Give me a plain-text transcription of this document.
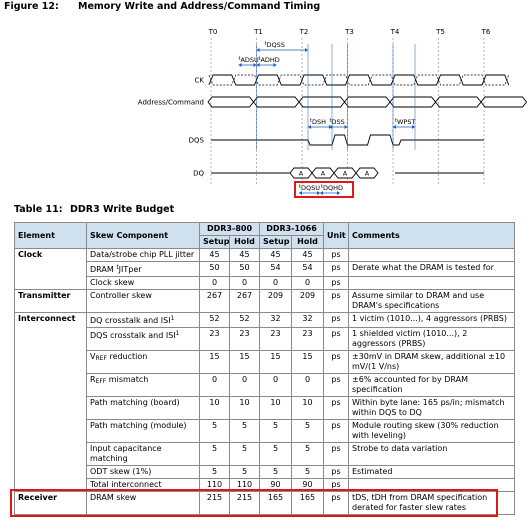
Figure 12: Memory Write and Address/Command Timing
T0	T1	T2	T3	T4	T5	T6
CK
Address/Command
DQS
DQ	A	A	A	A
$^t$DQSS
$^t$ADSU $^t$ADHD
$^t$DSH $^t$DSS	$^t$WPST
$^t$DQSU $^t$DQHD
Table 11: DDR3 Write Budget
Element	Skew Component	DDR3-800		DDR3-1066		Unit	Comments
		Setup	Hold	Setup	Hold		
Clock	Data/strobe chip PLL jitter	45	45	45	45	ps	
	DRAM $^t$JITper	50	50	54	54	ps	Derate what the DRAM is tested for
	Clock skew	0	0	0	0	ps	
Transmitter	Controller skew	267	267	209	209	ps	Assume similar to DRAM and use DRAM's specifications
Interconnect	DQ crosstalk and ISI$^1$	52	52	32	32	ps	1 victim (1010...), 4 aggressors (PRBS)
	DQS crosstalk and ISI$^1$	23	23	23	23	ps	1 shielded victim (1010...), 2 aggressors (PRBS)
	VREF reduction	15	15	15	15	ps	±30mV in DRAM skew, additional ±10 mV/(1 V/ns)
	REFF mismatch	0	0	0	0	ps	±6% accounted for by DRAM specification
	Path matching (board)	10	10	10	10	ps	Within byte lane: 165 ps/in; mismatch within DQS to DQ
	Path matching (module)	5	5	5	5	ps	Module routing skew (30% reduction with leveling)
	Input capacitance matching	5	5	5	5	ps	Strobe to data variation
	ODT skew (1%)	5	5	5	5	ps	Estimated
	Total interconnect	110	110	90	90	ps	
Receiver	DRAM skew	215	215	165	165	ps	tDS, tDH from DRAM specification derated for faster slew rates
